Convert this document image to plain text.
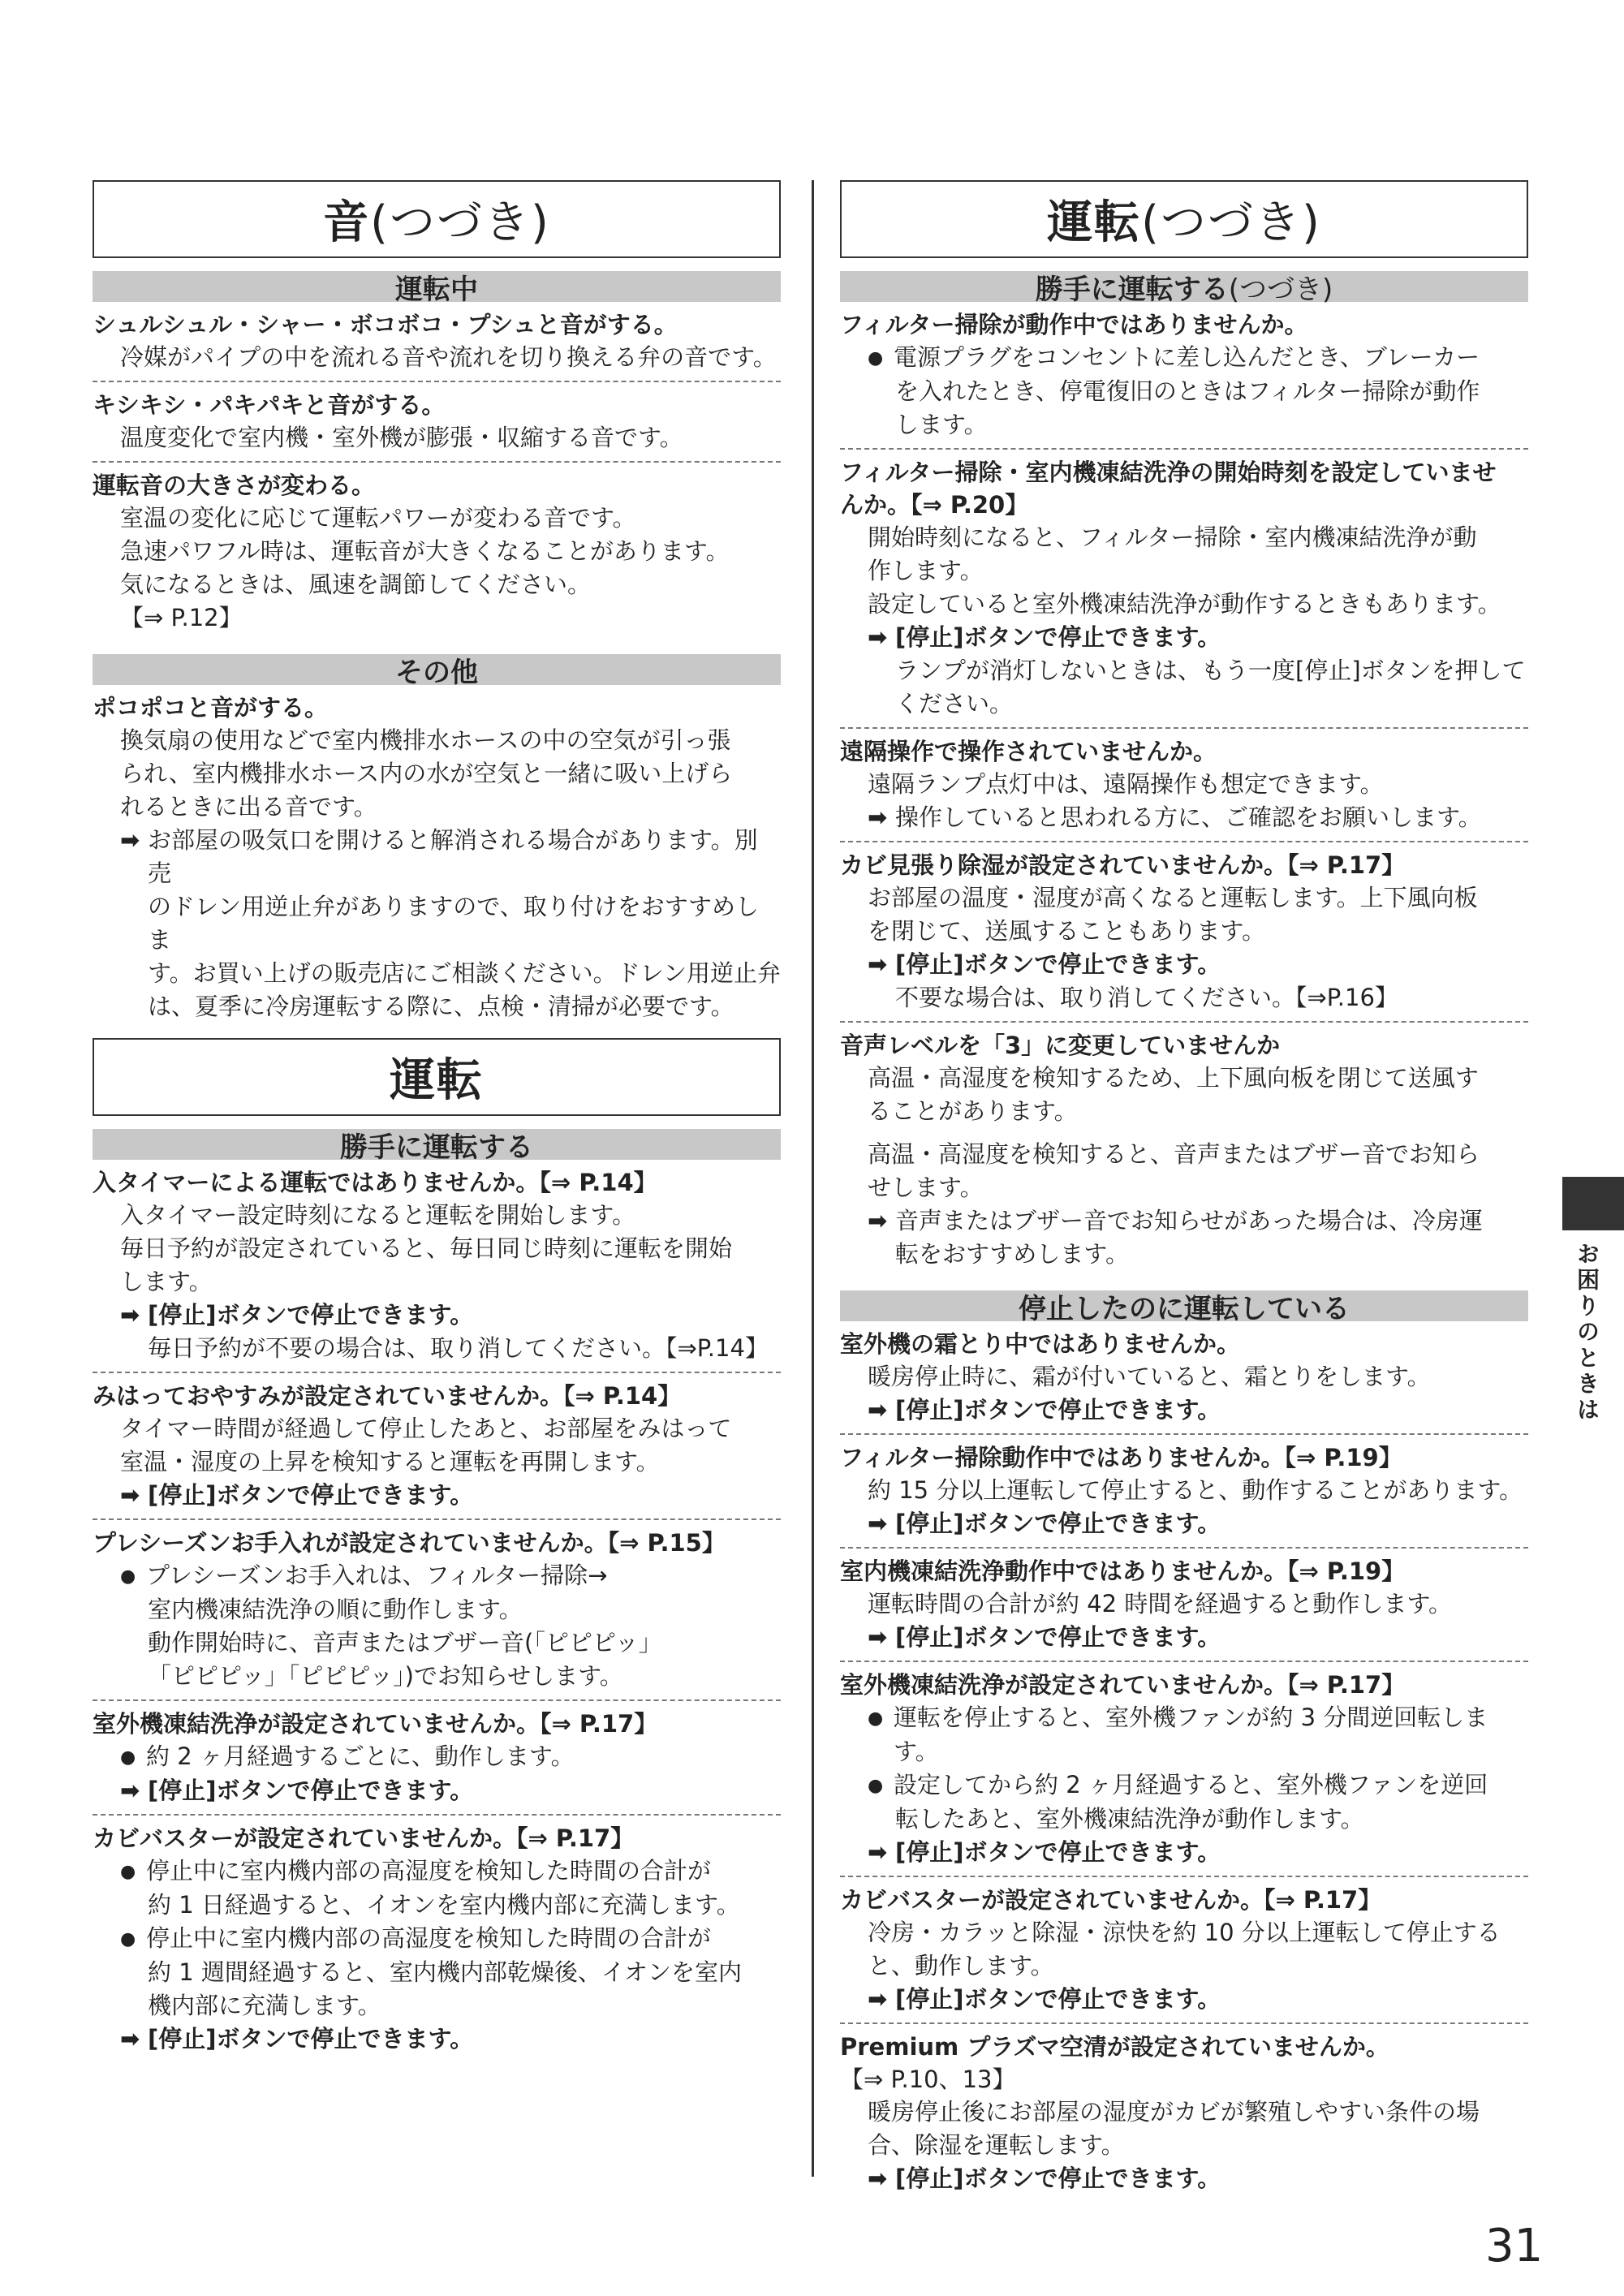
音 (つづき)
運転中
シュルシュル・シャー・ボコボコ・プシュと音がする。
冷媒がパイプの中を流れる音や流れを切り換える弁の音です。
キシキシ・パキパキと音がする。
温度変化で室内機・室外機が膨張・収縮する音です。
運転音の大きさが変わる。
室温の変化に応じて運転パワーが変わる音です。
急速パワフル時は、運転音が大きくなることがあります。
気になるときは、風速を調節してください。
【⇒ P.12】
その他
ポコポコと音がする。
換気扇の使用などで室内機排水ホースの中の空気が引っ張
られ、室内機排水ホース内の水が空気と一緒に吸い上げら
れるときに出る音です。
➡ お部屋の吸気口を開けると解消される場合があります。別売
のドレン用逆止弁がありますので、取り付けをおすすめしま
す。お買い上げの販売店にご相談ください。ドレン用逆止弁
は、夏季に冷房運転する際に、点検・清掃が必要です。
運転
勝手に運転する
入タイマーによる運転ではありませんか。【⇒ P.14】
入タイマー設定時刻になると運転を開始します。
毎日予約が設定されていると、毎日同じ時刻に運転を開始
します。
➡ [停止]ボタンで停止できます。
毎日予約が不要の場合は、取り消してください。【⇒P.14】
みはっておやすみが設定されていませんか。【⇒ P.14】
タイマー時間が経過して停止したあと、お部屋をみはって
室温・湿度の上昇を検知すると運転を再開します。
➡ [停止]ボタンで停止できます。
プレシーズンお手入れが設定されていませんか。【⇒ P.15】
● プレシーズンお手入れは、フィルター掃除→
室内機凍結洗浄の順に動作します。
動作開始時に、音声またはブザー音(「ピピピッ」
「ピピピッ」「ピピピッ」)でお知らせします。
室外機凍結洗浄が設定されていませんか。【⇒ P.17】
● 約 2 ヶ月経過するごとに、動作します。
➡ [停止]ボタンで停止できます。
カビバスターが設定されていませんか。【⇒ P.17】
● 停止中に室内機内部の高湿度を検知した時間の合計が
約 1 日経過すると、イオンを室内機内部に充満します。
● 停止中に室内機内部の高湿度を検知した時間の合計が
約 1 週間経過すると、室内機内部乾燥後、イオンを室内
機内部に充満します。
➡ [停止]ボタンで停止できます。
運転 (つづき)
勝手に運転する (つづき)
フィルター掃除が動作中ではありませんか。
● 電源プラグをコンセントに差し込んだとき、ブレーカー
を入れたとき、停電復旧のときはフィルター掃除が動作
します。
フィルター掃除・室内機凍結洗浄の開始時刻を設定していませ
んか。【⇒ P.20】
開始時刻になると、フィルター掃除・室内機凍結洗浄が動
作します。
設定していると室外機凍結洗浄が動作するときもあります。
➡ [停止]ボタンで停止できます。
ランプが消灯しないときは、もう一度[停止]ボタンを押して
ください。
遠隔操作で操作されていませんか。
遠隔ランプ点灯中は、遠隔操作も想定できます。
➡ 操作していると思われる方に、ご確認をお願いします。
カビ見張り除湿が設定されていませんか。【⇒ P.17】
お部屋の温度・湿度が高くなると運転します。上下風向板
を閉じて、送風することもあります。
➡ [停止]ボタンで停止できます。
不要な場合は、取り消してください。【⇒P.16】
音声レベルを「3」に変更していませんか
高温・高湿度を検知するため、上下風向板を閉じて送風す
ることがあります。
高温・高湿度を検知すると、音声またはブザー音でお知ら
せします。
➡ 音声またはブザー音でお知らせがあった場合は、冷房運
転をおすすめします。
停止したのに運転している
室外機の霜とり中ではありませんか。
暖房停止時に、霜が付いていると、霜とりをします。
➡ [停止]ボタンで停止できます。
フィルター掃除動作中ではありませんか。【⇒ P.19】
約 15 分以上運転して停止すると、動作することがあります。
➡ [停止]ボタンで停止できます。
室内機凍結洗浄動作中ではありませんか。【⇒ P.19】
運転時間の合計が約 42 時間を経過すると動作します。
➡ [停止]ボタンで停止できます。
室外機凍結洗浄が設定されていませんか。【⇒ P.17】
● 運転を停止すると、室外機ファンが約 3 分間逆回転します。
● 設定してから約 2 ヶ月経過すると、室外機ファンを逆回
転したあと、室外機凍結洗浄が動作します。
➡ [停止]ボタンで停止できます。
カビバスターが設定されていませんか。【⇒ P.17】
冷房・カラッと除湿・涼快を約 10 分以上運転して停止する
と、動作します。
➡ [停止]ボタンで停止できます。
Premium プラズマ空清が設定されていませんか。
【⇒ P.10、13】
暖房停止後にお部屋の湿度がカビが繁殖しやすい条件の場
合、除湿を運転します。
➡ [停止]ボタンで停止できます。
お困りのときは
31
